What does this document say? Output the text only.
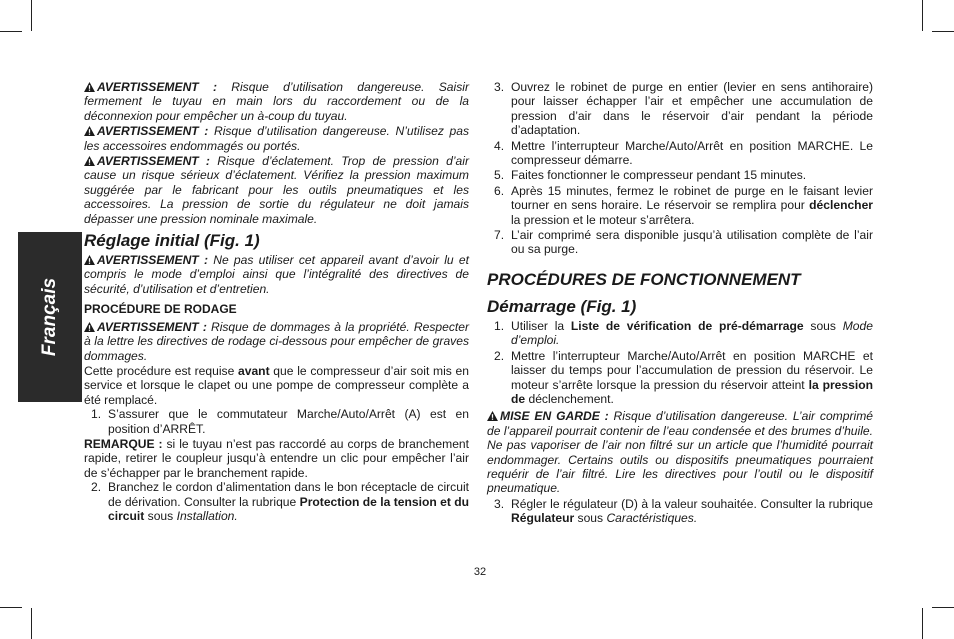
Français

AVERTISSEMENT : Risque d’utilisation dangereuse. Saisir fermement le tuyau en main lors du raccordement ou de la déconnexion pour empêcher un à-coup du tuyau.

AVERTISSEMENT : Risque d’utilisation dangereuse. N’utilisez pas les accessoires endommagés ou portés.

AVERTISSEMENT : Risque d’éclatement. Trop de pression d’air cause un risque sérieux d’éclatement. Vérifiez la pression maximum suggérée par le fabricant pour les outils pneumatiques et les accessoires. La pression de sortie du régulateur ne doit jamais dépasser une pression nominale maximale.

Réglage initial (Fig. 1)

AVERTISSEMENT : Ne pas utiliser cet appareil avant d’avoir lu et compris le mode d’emploi ainsi que l’intégralité des directives de sécurité, d’utilisation et d’entretien.

PROCÉDURE DE RODAGE

AVERTISSEMENT : Risque de dommages à la propriété. Respecter à la lettre les directives de rodage ci-dessous pour empêcher de graves dommages.

Cette procédure est requise avant que le compresseur d’air soit mis en service et lorsque le clapet ou une pompe de compresseur complète a été remplacé.

1. S’assurer que le commutateur Marche/Auto/Arrêt (A) est en position d’ARRÊT.

REMARQUE : si le tuyau n’est pas raccordé au corps de branchement rapide, retirer le coupleur jusqu’à entendre un clic pour empêcher l’air de s’échapper par le branchement rapide.

2. Branchez le cordon d’alimentation dans le bon réceptacle de circuit de dérivation. Consulter la rubrique Protection de la tension et du circuit sous Installation.
3. Ouvrez le robinet de purge en entier (levier en sens antihoraire) pour laisser échapper l’air et empêcher une accumulation de pression d’air dans le réservoir d’air pendant la période d’adaptation.
4. Mettre l’interrupteur Marche/Auto/Arrêt en position MARCHE. Le compresseur démarre.
5. Faites fonctionner le compresseur pendant 15 minutes.
6. Après 15 minutes, fermez le robinet de purge en le faisant levier tourner en sens horaire. Le réservoir se remplira pour déclencher la pression et le moteur s’arrêtera.
7. L’air comprimé sera disponible jusqu’à utilisation complète de l’air ou sa purge.
PROCÉDURES DE FONCTIONNEMENT
Démarrage (Fig. 1)
1. Utiliser la Liste de vérification de pré-démarrage sous Mode d’emploi.
2. Mettre l’interrupteur Marche/Auto/Arrêt en position MARCHE et laisser du temps pour l’accumulation de pression du réservoir. Le moteur s’arrête lorsque la pression du réservoir atteint la pression de déclenchement.

MISE EN GARDE : Risque d’utilisation dangereuse. L’air comprimé de l’appareil pourrait contenir de l’eau condensée et des brumes d’huile. Ne pas vaporiser de l’air non filtré sur un article que l’humidité pourrait endommager. Certains outils ou dispositifs pneumatiques pourraient requérir de l’air filtré. Lire les directives pour l’outil ou le dispositif pneumatique.

3. Régler le régulateur (D) à la valeur souhaitée. Consulter la rubrique Régulateur sous Caractéristiques.
32
